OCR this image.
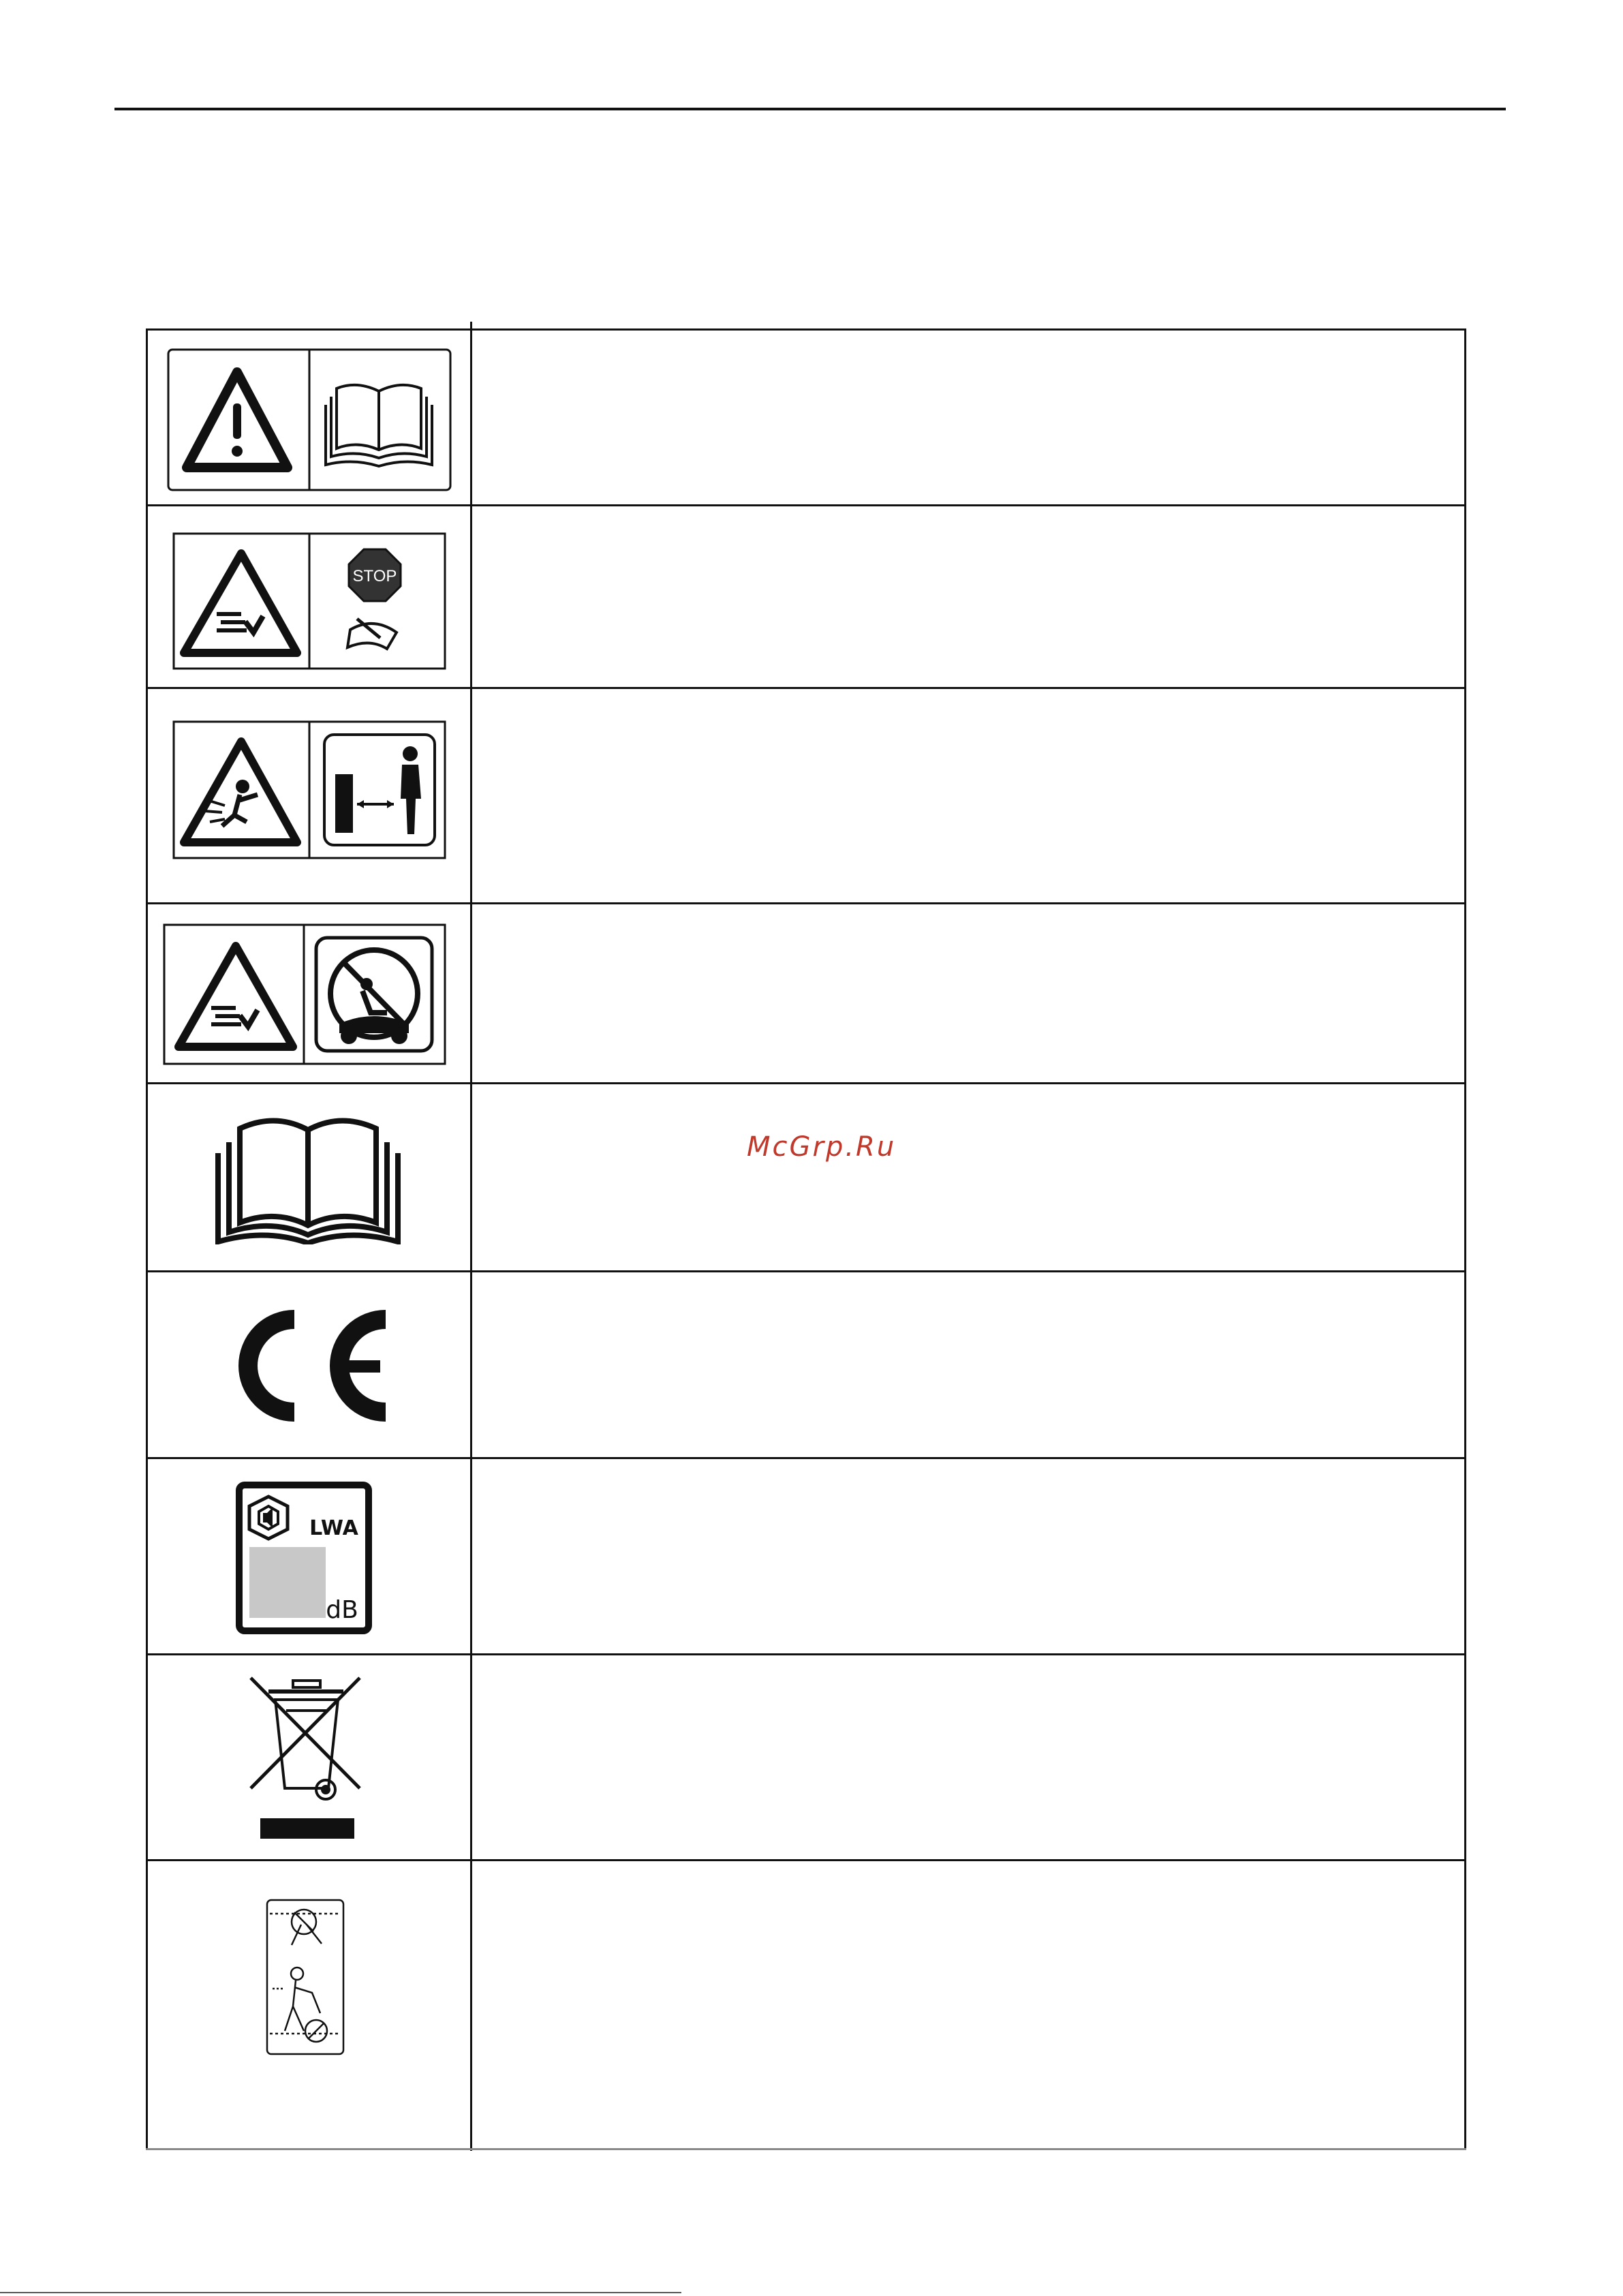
STOP
LWA
dB
McGrp.Ru
